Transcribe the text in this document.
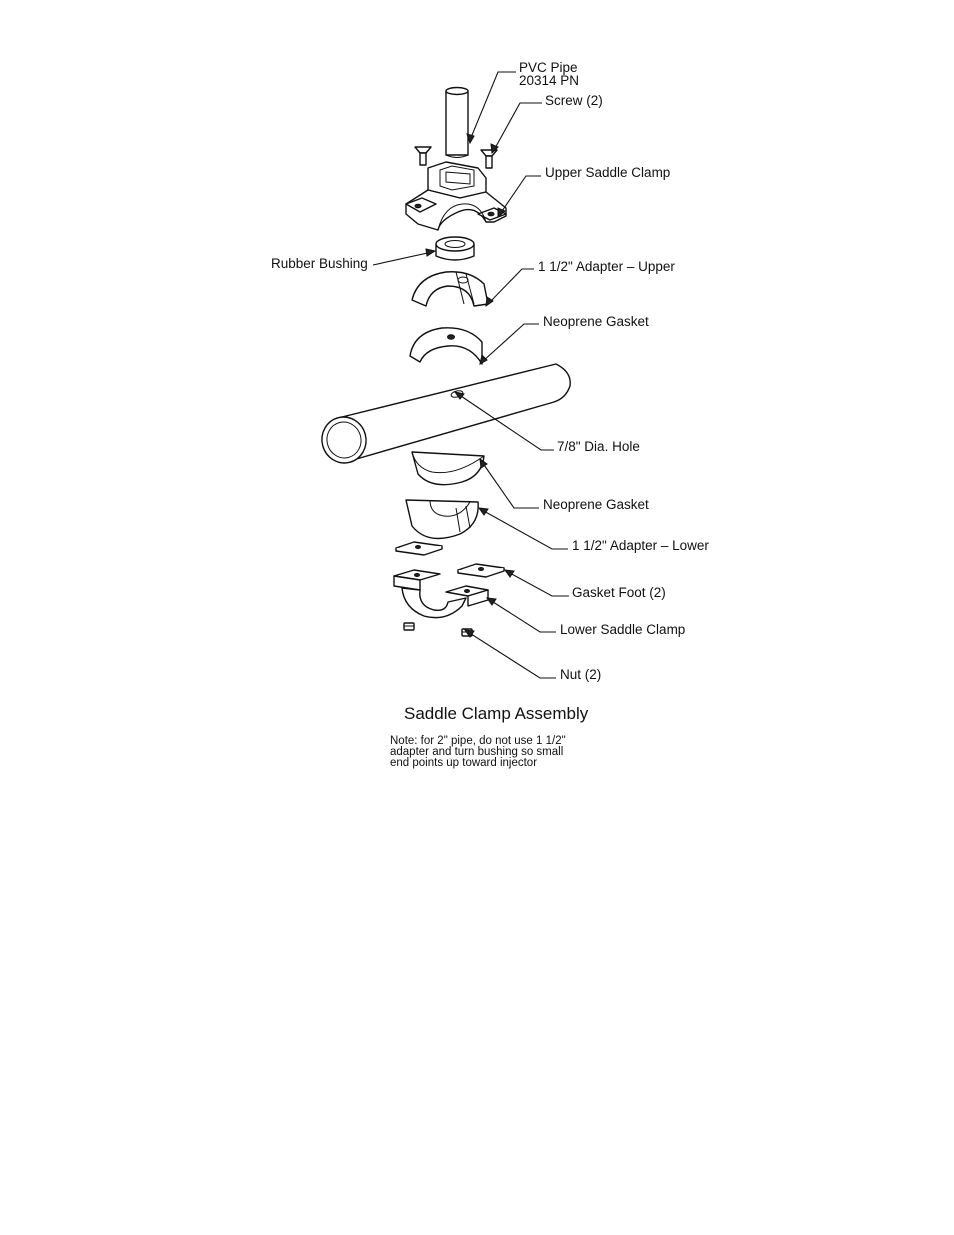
PVC Pipe
20314 PN
Screw (2)
Upper Saddle Clamp
Rubber Bushing	1 1/2" Adapter – Upper
Neoprene Gasket
7/8" Dia. Hole
Neoprene Gasket
1 1/2" Adapter – Lower
Gasket Foot (2)
Lower Saddle Clamp
Nut (2)
Saddle Clamp Assembly
Note: for 2" pipe, do not use 1 1/2"
adapter and turn bushing so small
end points up toward injector
